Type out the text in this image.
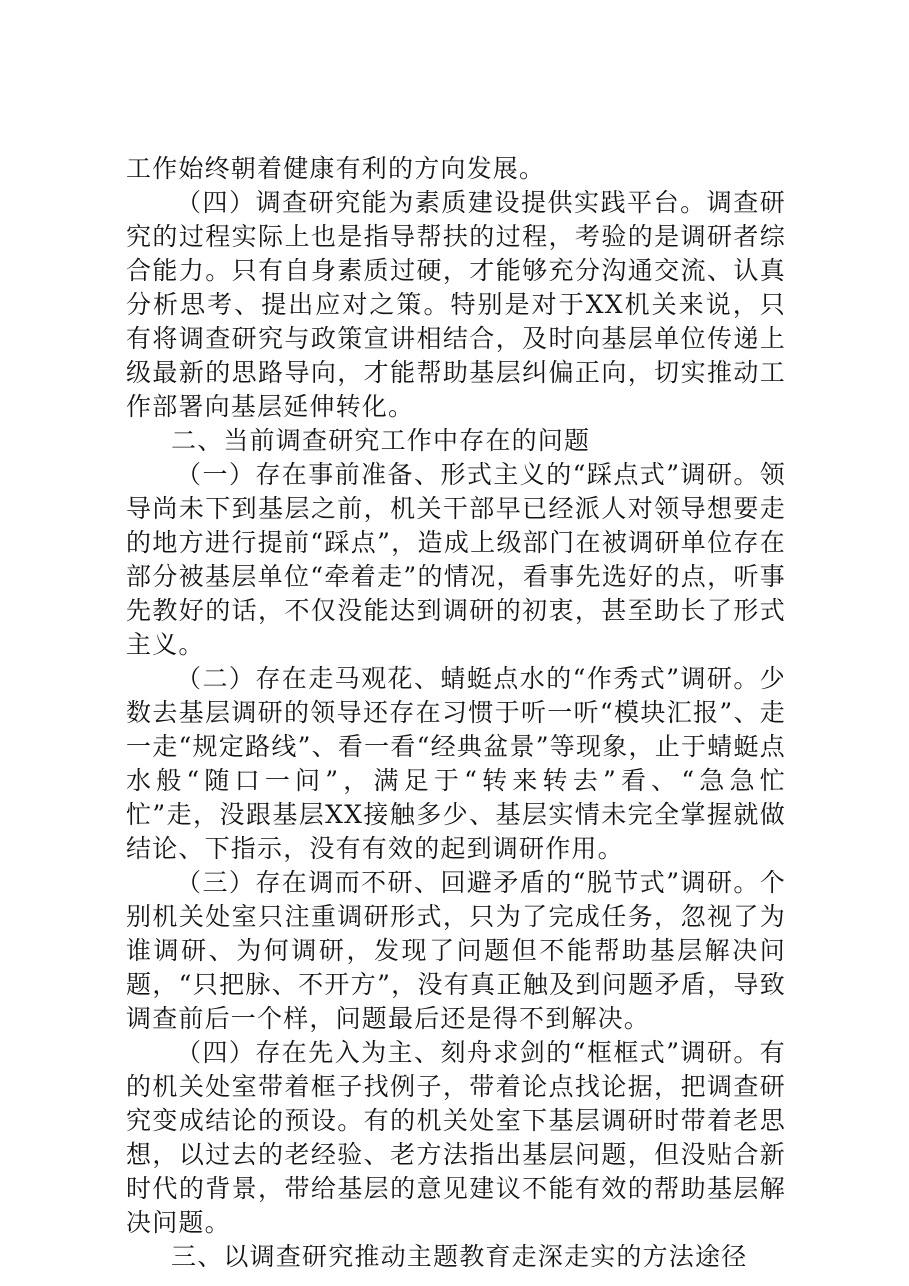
工作始终朝着健康有利的方向发展。

（四）调查研究能为素质建设提供实践平台。调查研究的过程实际上也是指导帮扶的过程，考验的是调研者综合能力。只有自身素质过硬，才能够充分沟通交流、认真分析思考、提出应对之策。特别是对于XX机关来说，只有将调查研究与政策宣讲相结合，及时向基层单位传递上级最新的思路导向，才能帮助基层纠偏正向，切实推动工作部署向基层延伸转化。

二、当前调查研究工作中存在的问题

（一）存在事前准备、形式主义的“踩点式”调研。领导尚未下到基层之前，机关干部早已经派人对领导想要走的地方进行提前“踩点”，造成上级部门在被调研单位存在部分被基层单位“牵着走”的情况，看事先选好的点，听事先教好的话，不仅没能达到调研的初衷，甚至助长了形式主义。

（二）存在走马观花、蜻蜓点水的“作秀式”调研。少数去基层调研的领导还存在习惯于听一听“模块汇报”、走一走“规定路线”、看一看“经典盆景”等现象，止于蜻蜓点水般“随口一问”，满足于“转来转去”看、“急急忙忙”走，没跟基层XX接触多少、基层实情未完全掌握就做结论、下指示，没有有效的起到调研作用。

（三）存在调而不研、回避矛盾的“脱节式”调研。个别机关处室只注重调研形式，只为了完成任务，忽视了为谁调研、为何调研，发现了问题但不能帮助基层解决问题，“只把脉、不开方”，没有真正触及到问题矛盾，导致调查前后一个样，问题最后还是得不到解决。

（四）存在先入为主、刻舟求剑的“框框式”调研。有的机关处室带着框子找例子，带着论点找论据，把调查研究变成结论的预设。有的机关处室下基层调研时带着老思想，以过去的老经验、老方法指出基层问题，但没贴合新时代的背景，带给基层的意见建议不能有效的帮助基层解决问题。

三、以调查研究推动主题教育走深走实的方法途径
